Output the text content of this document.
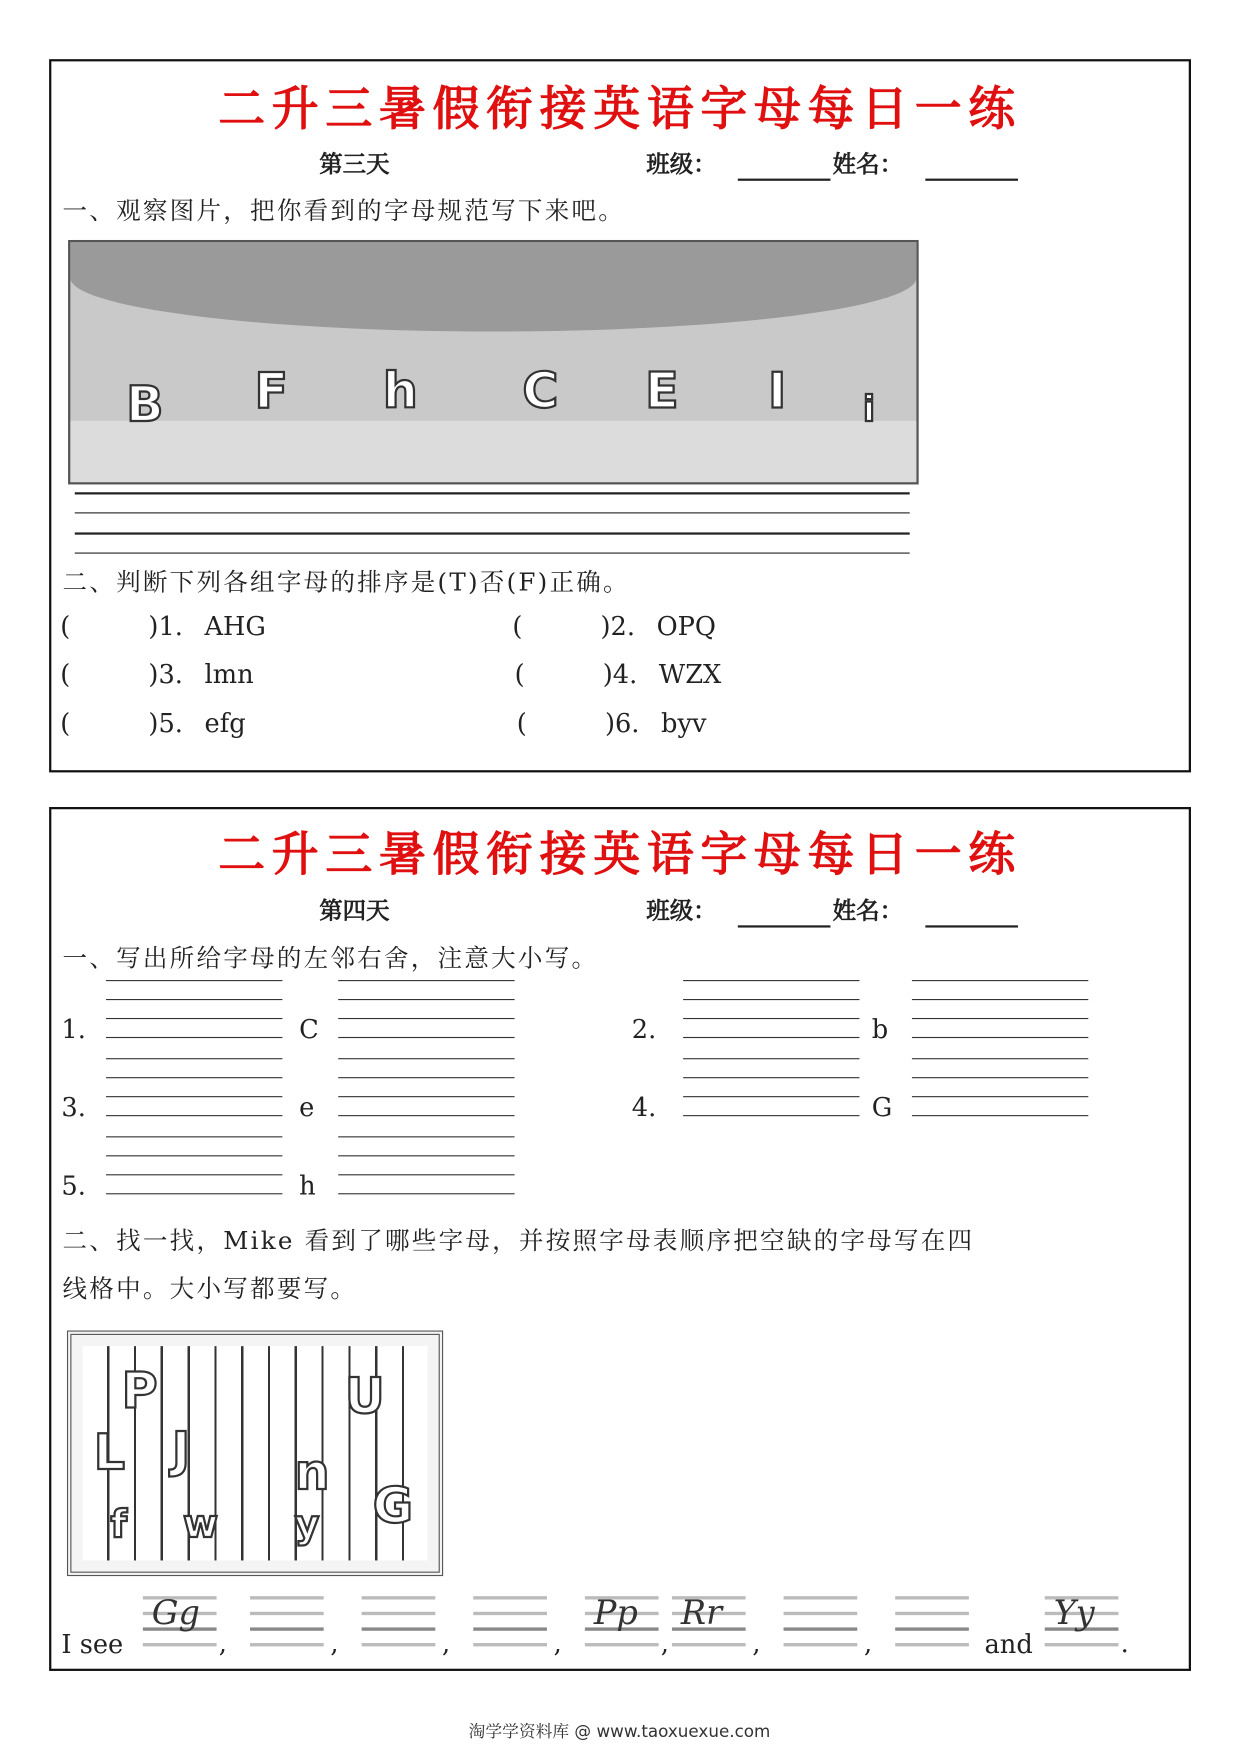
二升三暑假衔接英语字母每日一练
第三天	班级：	姓名：
一、观察图片，把你看到的字母规范写下来吧。
B F h C E I i
二、判断下列各组字母的排序是(T)否(F)正确。
(	)1. AHG	(	)2. OPQ
(	)3. lmn	(	)4. WZX
(	)5. efg	(	)6. byv
二升三暑假衔接英语字母每日一练
第四天	班级：	姓名：
一、写出所给字母的左邻右舍，注意大小写。
1.	C	2.	b
3.	e	4.	G
5.	h
二、找一找，Mike 看到了哪些字母，并按照字母表顺序把空缺的字母写在四
线格中。大小写都要写。
P	U
L J n
G
f w y
I see
Gg
,	,	,	,
Pp
,
Rr
,	,	and
Yy
.
淘学学资料库 @ www.taoxuexue.com
